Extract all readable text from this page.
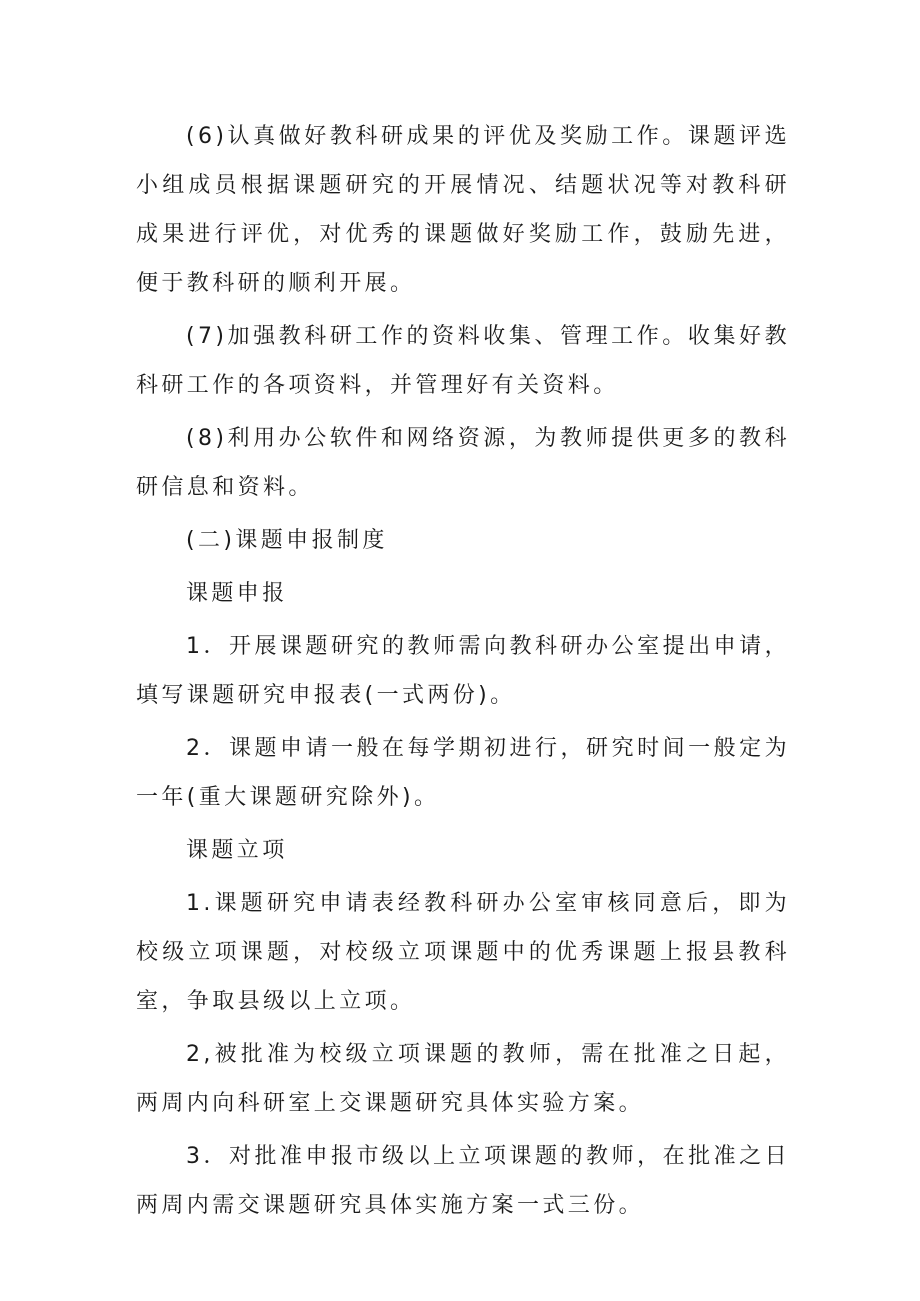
(6)认真做好教科研成果的评优及奖励工作。课题评选小组成员根据课题研究的开展情况、结题状况等对教科研成果进行评优，对优秀的课题做好奖励工作，鼓励先进，便于教科研的顺利开展。

(7)加强教科研工作的资料收集、管理工作。收集好教科研工作的各项资料，并管理好有关资料。

(8)利用办公软件和网络资源，为教师提供更多的教科研信息和资料。

(二)课题申报制度

课题申报

1．开展课题研究的教师需向教科研办公室提出申请，填写课题研究申报表(一式两份)。

2．课题申请一般在每学期初进行，研究时间一般定为一年(重大课题研究除外)。

课题立项

1.课题研究申请表经教科研办公室审核同意后，即为校级立项课题，对校级立项课题中的优秀课题上报县教科室，争取县级以上立项。

2,被批准为校级立项课题的教师，需在批准之日起，两周内向科研室上交课题研究具体实验方案。

3．对批准申报市级以上立项课题的教师，在批准之日两周内需交课题研究具体实施方案一式三份。
